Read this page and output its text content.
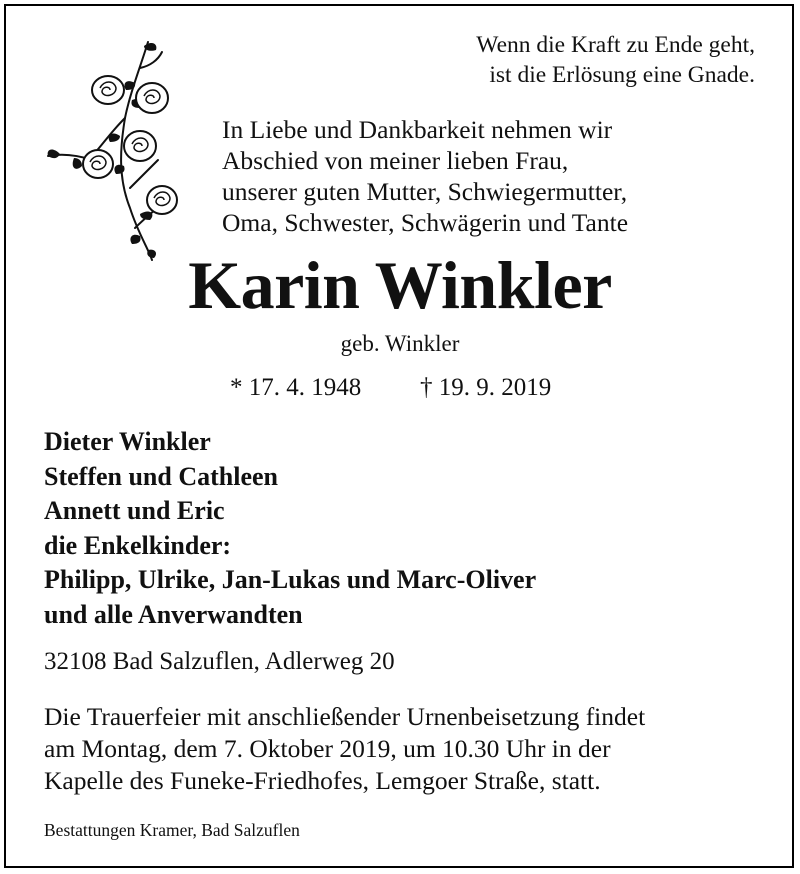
Wenn die Kraft zu Ende geht,
ist die Erlösung eine Gnade.
In Liebe und Dankbarkeit nehmen wir
Abschied von meiner lieben Frau,
unserer guten Mutter, Schwiegermutter,
Oma, Schwester, Schwägerin und Tante
Karin Winkler
geb. Winkler
* 17. 4. 1948 † 19. 9. 2019
Dieter Winkler
Steffen und Cathleen
Annett und Eric
die Enkelkinder:
Philipp, Ulrike, Jan-Lukas und Marc-Oliver
und alle Anverwandten
32108 Bad Salzuflen, Adlerweg 20
Die Trauerfeier mit anschließender Urnenbeisetzung findet
am Montag, dem 7. Oktober 2019, um 10.30 Uhr in der
Kapelle des Funeke-Friedhofes, Lemgoer Straße, statt.
Bestattungen Kramer, Bad Salzuflen
